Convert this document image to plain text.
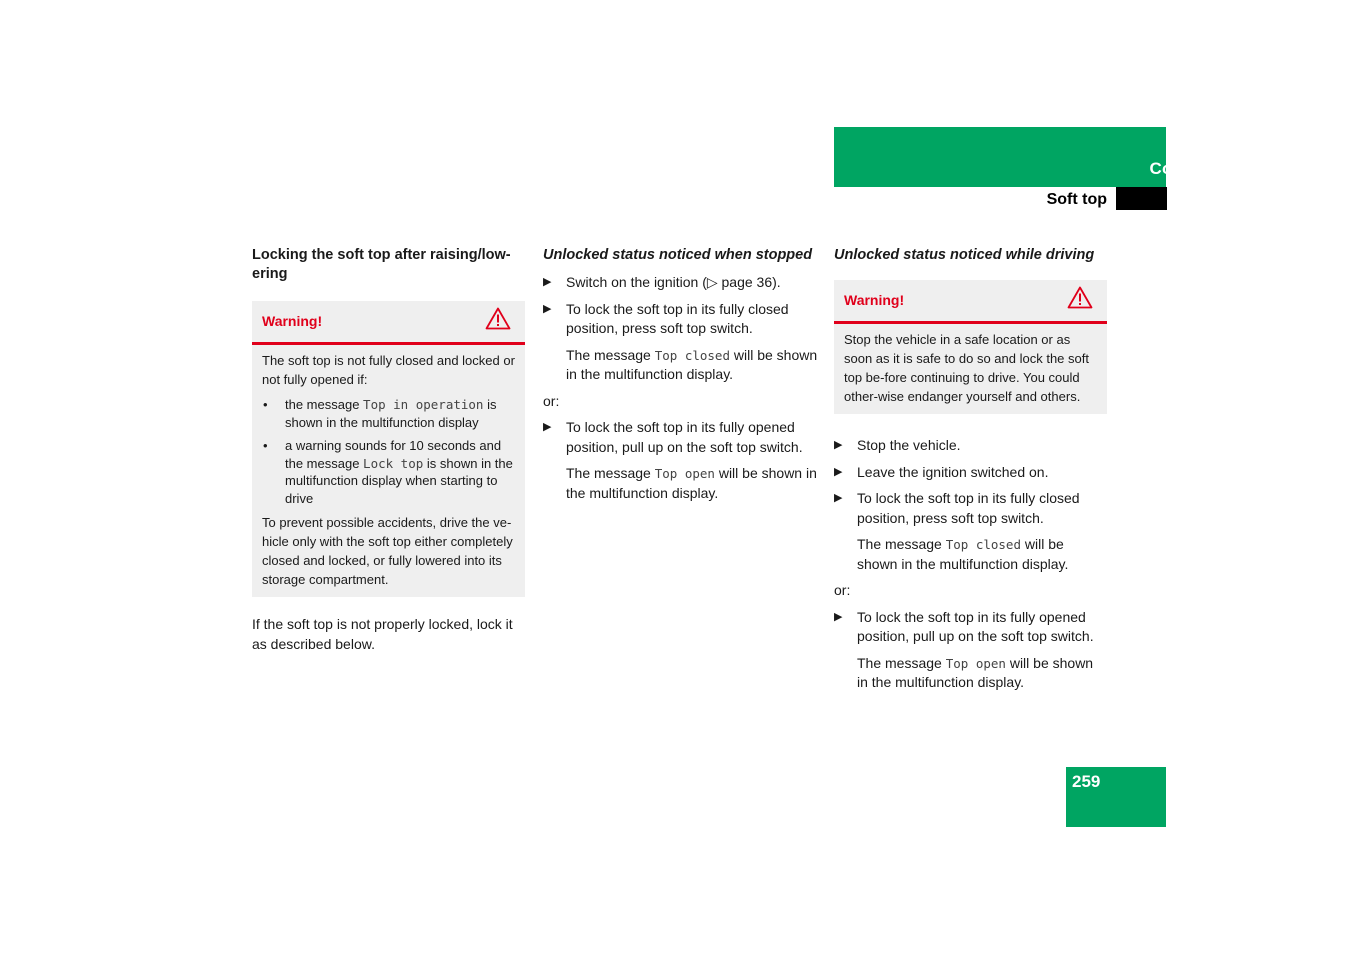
Controls in detail
Soft top

Locking the soft top after raising/low-ering

Warning!

The soft top is not fully closed and locked or not fully opened if:

• the message Top in operation is shown in the multifunction display
• a warning sounds for 10 seconds and the message Lock top is shown in the multifunction display when starting to drive

To prevent possible accidents, drive the ve-hicle only with the soft top either completely closed and locked, or fully lowered into its storage compartment.

If the soft top is not properly locked, lock it as described below.

Unlocked status noticed when stopped

▶ Switch on the ignition (▷ page 36).
▶ To lock the soft top in its fully closed position, press soft top switch.

The message Top closed will be shown in the multifunction display.

or:

▶ To lock the soft top in its fully opened position, pull up on the soft top switch.

The message Top open will be shown in the multifunction display.

Unlocked status noticed while driving

Warning!

Stop the vehicle in a safe location or as soon as it is safe to do so and lock the soft top be-fore continuing to drive. You could other-wise endanger yourself and others.

▶ Stop the vehicle.
▶ Leave the ignition switched on.
▶ To lock the soft top in its fully closed position, press soft top switch.

The message Top closed will be shown in the multifunction display.

or:

▶ To lock the soft top in its fully opened position, pull up on the soft top switch.

The message Top open will be shown in the multifunction display.

259
